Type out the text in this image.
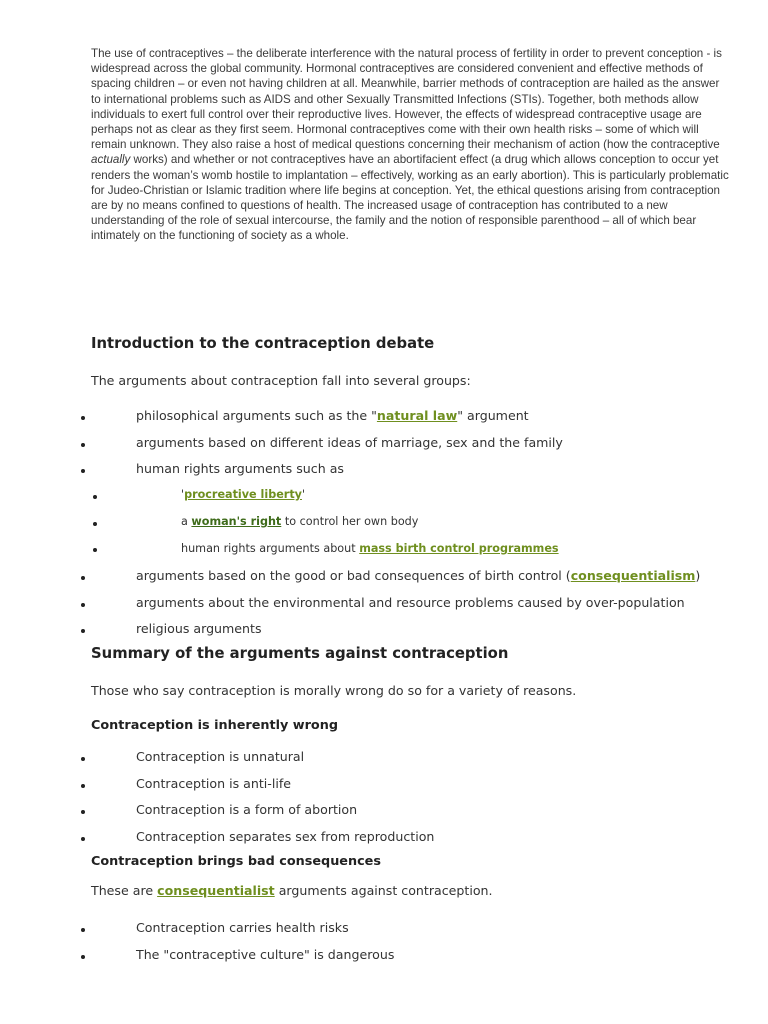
The use of contraceptives – the deliberate interference with the natural process of fertility in order to prevent conception - is widespread across the global community. Hormonal contraceptives are considered convenient and effective methods of spacing children – or even not having children at all. Meanwhile, barrier methods of contraception are hailed as the answer to international problems such as AIDS and other Sexually Transmitted Infections (STIs). Together, both methods allow individuals to exert full control over their reproductive lives. However, the effects of widespread contraceptive usage are perhaps not as clear as they first seem. Hormonal contraceptives come with their own health risks – some of which will remain unknown. They also raise a host of medical questions concerning their mechanism of action (how the contraceptive actually works) and whether or not contraceptives have an abortifacient effect (a drug which allows conception to occur yet renders the woman’s womb hostile to implantation – effectively, working as an early abortion). This is particularly problematic for Judeo-Christian or Islamic tradition where life begins at conception. Yet, the ethical questions arising from contraception are by no means confined to questions of health. The increased usage of contraception has contributed to a new understanding of the role of sexual intercourse, the family and the notion of responsible parenthood – all of which bear intimately on the functioning of society as a whole.

Introduction to the contraception debate

The arguments about contraception fall into several groups:

philosophical arguments such as the "natural law" argument
arguments based on different ideas of marriage, sex and the family
human rights arguments such as
'procreative liberty'
a woman's right to control her own body
human rights arguments about mass birth control programmes
arguments based on the good or bad consequences of birth control (consequentialism)
arguments about the environmental and resource problems caused by over-population
religious arguments
Summary of the arguments against contraception

Those who say contraception is morally wrong do so for a variety of reasons.

Contraception is inherently wrong
Contraception is unnatural
Contraception is anti-life
Contraception is a form of abortion
Contraception separates sex from reproduction
Contraception brings bad consequences

These are consequentialist arguments against contraception.

Contraception carries health risks
The "contraceptive culture" is dangerous
